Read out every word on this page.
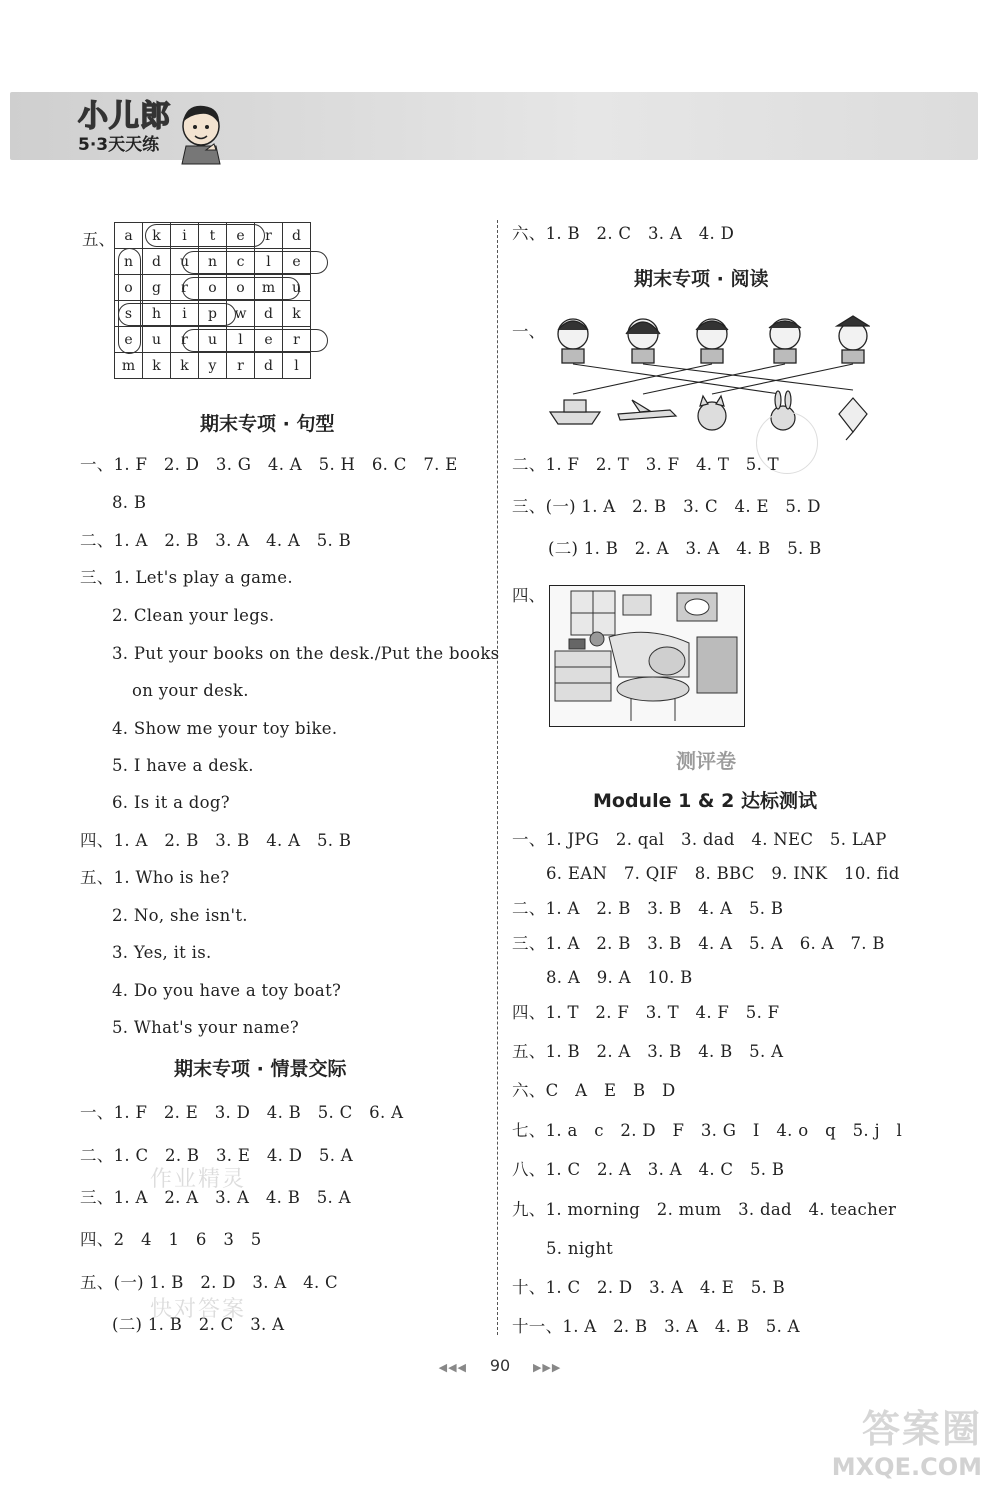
小儿郎
5·3天天练
五、 a	k	i	t	e	r	d
n	d	u	n	c	l	e
o	g	r	o	o	m	u
s	h	i	p	w	d	k
e	u	r	u	l	e	r
m	k	k	y	r	d	l
期末专项 · 句型
一、1. F   2. D   3. G   4. A   5. H   6. C   7. E
8. B
二、1. A   2. B   3. A   4. A   5. B
三、1. Let's play a game.
2. Clean your legs.
3. Put your books on the desk./Put the books
on your desk.
4. Show me your toy bike.
5. I have a desk.
6. Is it a dog?
四、1. A   2. B   3. B   4. A   5. B
五、1. Who is he?
2. No, she isn't.
3. Yes, it is.
4. Do you have a toy boat?
5. What's your name?
期末专项 · 情景交际
一、1. F   2. E   3. D   4. B   5. C   6. A
二、1. C   2. B   3. E   4. D   5. A
三、1. A   2. A   3. A   4. B   5. A
四、2   4   1   6   3   5
五、(一) 1. B   2. D   3. A   4. C
(二) 1. B   2. C   3. A
作业精灵
快对答案
六、1. B   2. C   3. A   4. D
期末专项 · 阅读
一、
二、1. F   2. T   3. F   4. T   5. T
三、(一) 1. A   2. B   3. C   4. E   5. D
(二) 1. B   2. A   3. A   4. B   5. B
四、
测评卷
Module 1 & 2 达标测试
一、1. JPG   2. qal   3. dad   4. NEC   5. LAP
6. EAN   7. QIF   8. BBC   9. INK   10. fid
二、1. A   2. B   3. B   4. A   5. B
三、1. A   2. B   3. B   4. A   5. A   6. A   7. B
8. A   9. A   10. B
四、1. T   2. F   3. T   4. F   5. F
五、1. B   2. A   3. B   4. B   5. A
六、C   A   E   B   D
七、1. a   c   2. D   F   3. G   I   4. o   q   5. j   l
八、1. C   2. A   3. A   4. C   5. B
九、1. morning   2. mum   3. dad   4. teacher
5. night
十、1. C   2. D   3. A   4. E   5. B
十一、1. A   2. B   3. A   4. B   5. A
◀◀◀ 90 ▶▶▶
答案圈
MXQE.COM
